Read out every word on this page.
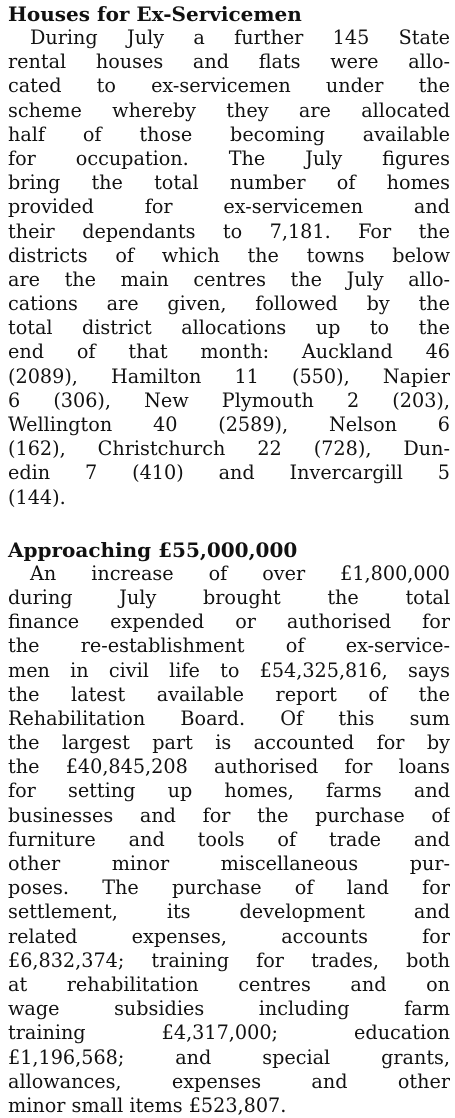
Houses for Ex-Servicemen
During July a further 145 State
rental houses and flats were allo-
cated to ex-servicemen under the
scheme whereby they are allocated
half of those becoming available
for occupation. The July figures
bring the total number of homes
provided for ex-servicemen and
their dependants to 7,181. For the
districts of which the towns below
are the main centres the July allo-
cations are given, followed by the
total district allocations up to the
end of that month: Auckland 46
(2089), Hamilton 11 (550), Napier
6 (306), New Plymouth 2 (203),
Wellington 40 (2589), Nelson 6
(162), Christchurch 22 (728), Dun-
edin 7 (410) and Invercargill 5
(144).
Approaching £55,000,000
An increase of over £1,800,000
during July brought the total
finance expended or authorised for
the re-establishment of ex-service-
men in civil life to £54,325,816, says
the latest available report of the
Rehabilitation Board. Of this sum
the largest part is accounted for by
the £40,845,208 authorised for loans
for setting up homes, farms and
businesses and for the purchase of
furniture and tools of trade and
other minor miscellaneous pur-
poses. The purchase of land for
settlement, its development and
related expenses, accounts for
£6,832,374; training for trades, both
at rehabilitation centres and on
wage subsidies including farm
training £4,317,000; education
£1,196,568; and special grants,
allowances, expenses and other
minor small items £523,807.
